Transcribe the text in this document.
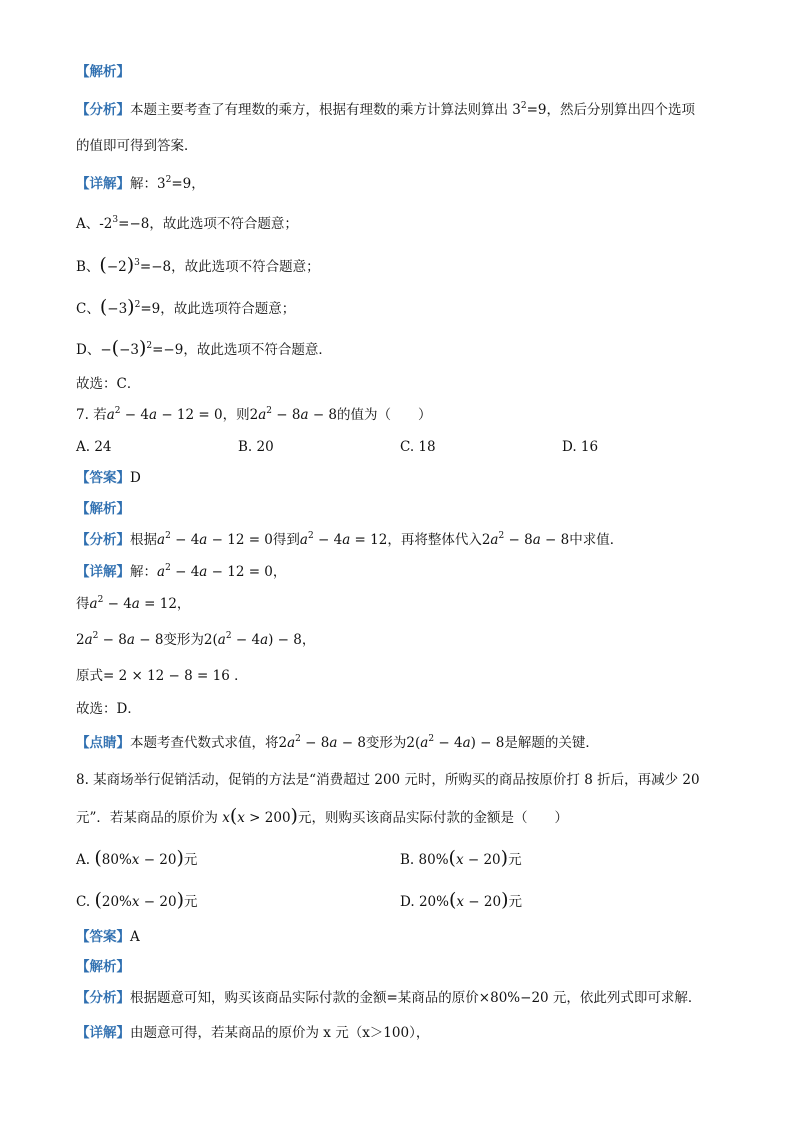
【解析】
【分析】本题主要考查了有理数的乘方，根据有理数的乘方计算法则算出 $3^2=9$，然后分别算出四个选项
的值即可得到答案．
【详解】解：$3^2=9$，
A、$-2^3=-8$，故此选项不符合题意；
B、$(-2)^3=-8$，故此选项不符合题意；
C、$(-3)^2=9$，故此选项符合题意；
D、$-(-3)^2=-9$，故此选项不符合题意．
故选：C．
7. 若$a^2 - 4a - 12 = 0$，则$2a^2 - 8a - 8$的值为（　　）
A. 24	B. 20	C. 18	D. 16
【答案】D
【解析】
【分析】根据$a^2 - 4a - 12 = 0$得到$a^2 - 4a = 12$，再将整体代入$2a^2 - 8a - 8$中求值．
【详解】解：$a^2 - 4a - 12 = 0$，
得$a^2 - 4a = 12$，
$2a^2 - 8a - 8$变形为$2(a^2 - 4a) - 8$，
原式= 2 × 12 − 8 = 16 ．
故选：D．
【点睛】本题考查代数式求值，将$2a^2 - 8a - 8$变形为$2(a^2 - 4a) - 8$是解题的关键．
8. 某商场举行促销活动，促销的方法是“消费超过 200 元时，所购买的商品按原价打 8 折后，再减少 20
元”．若某商品的原价为 x(x > 200)元，则购买该商品实际付款的金额是（　　）
A. (80%x − 20)元	B. 80%(x − 20)元
C. (20%x − 20)元	D. 20%(x − 20)元
【答案】A
【解析】
【分析】根据题意可知，购买该商品实际付款的金额=某商品的原价×80%−20 元，依此列式即可求解．
【详解】由题意可得，若某商品的原价为 x 元（x＞100），
